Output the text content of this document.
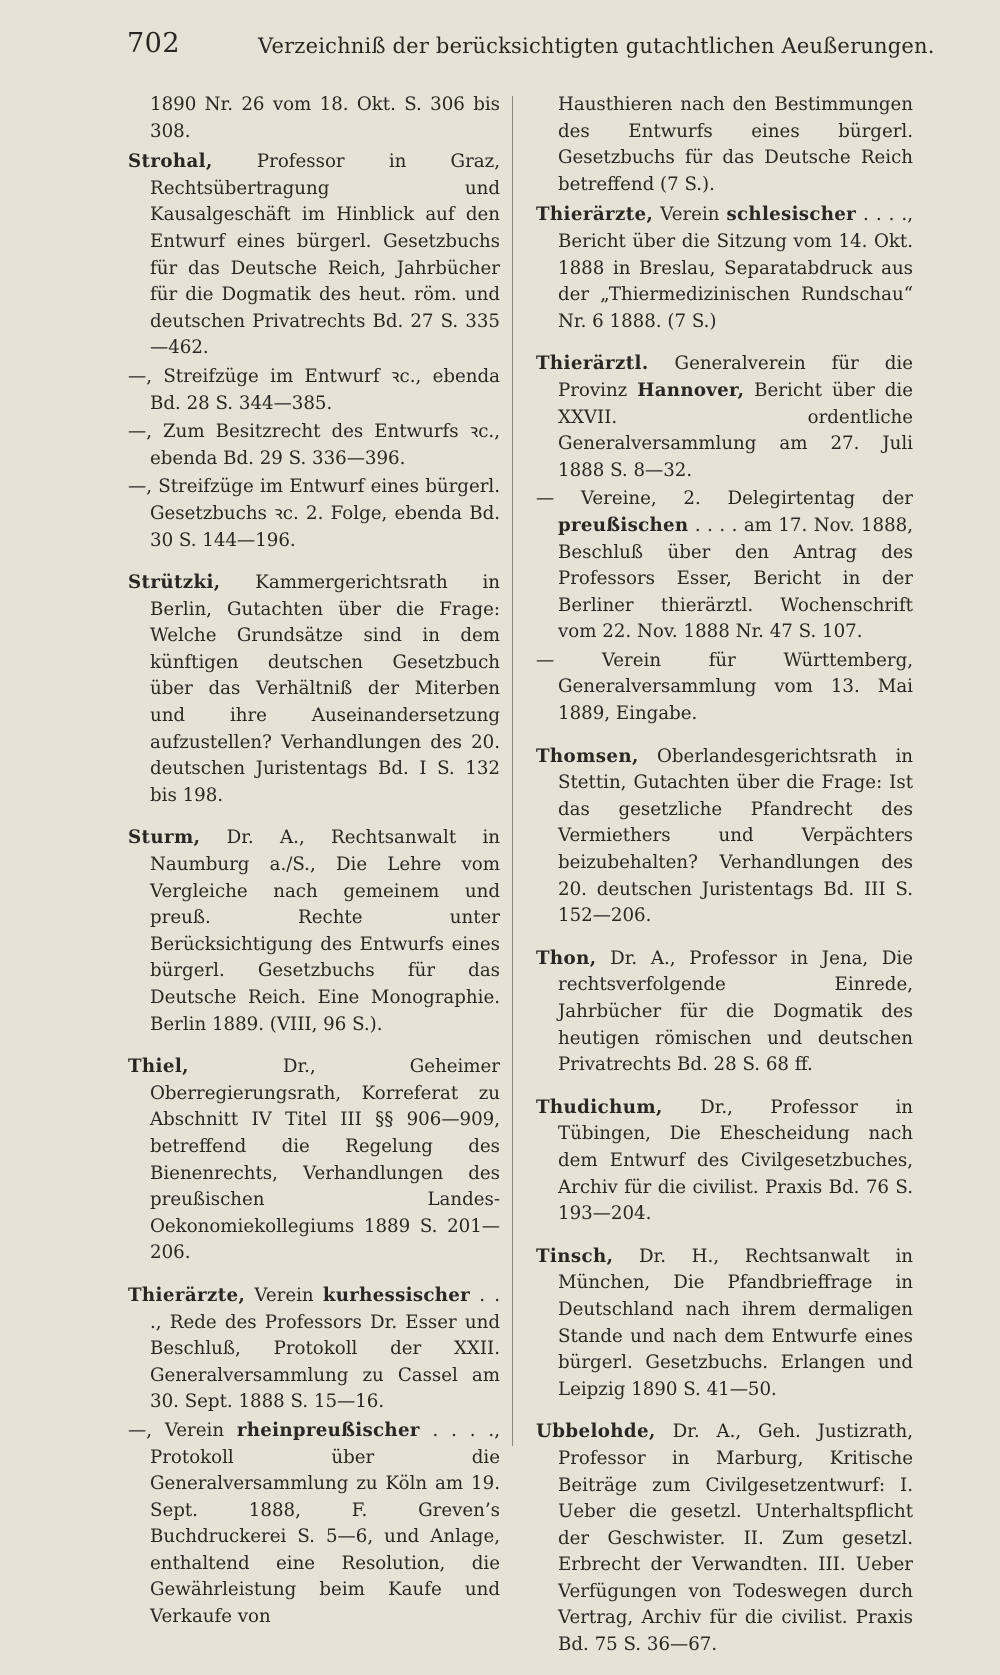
702	Verzeichniß der berücksichtigten gutachtlichen Aeußerungen.

1890 Nr. 26 vom 18. Okt. S. 306 bis 308.

Strohal, Professor in Graz, Rechtsübertragung und Kausalgeschäft im Hinblick auf den Entwurf eines bürgerl. Gesetzbuchs für das Deutsche Reich, Jahrbücher für die Dogmatik des heut. röm. und deutschen Privatrechts Bd. 27 S. 335—462.

—, Streifzüge im Entwurf ꝛc., ebenda Bd. 28 S. 344—385.

—, Zum Besitzrecht des Entwurfs ꝛc., ebenda Bd. 29 S. 336—396.

—, Streifzüge im Entwurf eines bürgerl. Gesetzbuchs ꝛc. 2. Folge, ebenda Bd. 30 S. 144—196.

Strützki, Kammergerichtsrath in Berlin, Gutachten über die Frage: Welche Grundsätze sind in dem künftigen deutschen Gesetzbuch über das Verhältniß der Miterben und ihre Auseinandersetzung aufzustellen? Verhandlungen des 20. deutschen Juristentags Bd. I S. 132 bis 198.

Sturm, Dr. A., Rechtsanwalt in Naumburg a./S., Die Lehre vom Vergleiche nach gemeinem und preuß. Rechte unter Berücksichtigung des Entwurfs eines bürgerl. Gesetzbuchs für das Deutsche Reich. Eine Monographie. Berlin 1889. (VIII, 96 S.).

Thiel, Dr., Geheimer Oberregierungsrath, Korreferat zu Abschnitt IV Titel III §§ 906—909, betreffend die Regelung des Bienenrechts, Verhandlungen des preußischen Landes-Oekonomiekollegiums 1889 S. 201—206.

Thierärzte, Verein kurhessischer . . ., Rede des Professors Dr. Esser und Beschluß, Protokoll der XXII. Generalversammlung zu Cassel am 30. Sept. 1888 S. 15—16.

—, Verein rheinpreußischer . . . ., Protokoll über die Generalversammlung zu Köln am 19. Sept. 1888, F. Greven’s Buchdruckerei S. 5—6, und Anlage, enthaltend eine Resolution, die Gewährleistung beim Kaufe und Verkaufe von

Hausthieren nach den Bestimmungen des Entwurfs eines bürgerl. Gesetzbuchs für das Deutsche Reich betreffend (7 S.).

Thierärzte, Verein schlesischer . . . ., Bericht über die Sitzung vom 14. Okt. 1888 in Breslau, Separatabdruck aus der „Thiermedizinischen Rundschau“ Nr. 6 1888. (7 S.)

Thierärztl. Generalverein für die Provinz Hannover, Bericht über die XXVII. ordentliche Generalversammlung am 27. Juli 1888 S. 8—32.

— Vereine, 2. Delegirtentag der preußischen . . . . am 17. Nov. 1888, Beschluß über den Antrag des Professors Esser, Bericht in der Berliner thierärztl. Wochenschrift vom 22. Nov. 1888 Nr. 47 S. 107.

— Verein für Württemberg, Generalversammlung vom 13. Mai 1889, Eingabe.

Thomsen, Oberlandesgerichtsrath in Stettin, Gutachten über die Frage: Ist das gesetzliche Pfandrecht des Vermiethers und Verpächters beizubehalten? Verhandlungen des 20. deutschen Juristentags Bd. III S. 152—206.

Thon, Dr. A., Professor in Jena, Die rechtsverfolgende Einrede, Jahrbücher für die Dogmatik des heutigen römischen und deutschen Privatrechts Bd. 28 S. 68 ff.

Thudichum, Dr., Professor in Tübingen, Die Ehescheidung nach dem Entwurf des Civilgesetzbuches, Archiv für die civilist. Praxis Bd. 76 S. 193—204.

Tinsch, Dr. H., Rechtsanwalt in München, Die Pfandbrieffrage in Deutschland nach ihrem dermaligen Stande und nach dem Entwurfe eines bürgerl. Gesetzbuchs. Erlangen und Leipzig 1890 S. 41—50.

Ubbelohde, Dr. A., Geh. Justizrath, Professor in Marburg, Kritische Beiträge zum Civilgesetzentwurf: I. Ueber die gesetzl. Unterhaltspflicht der Geschwister. II. Zum gesetzl. Erbrecht der Verwandten. III. Ueber Verfügungen von Todeswegen durch Vertrag, Archiv für die civilist. Praxis Bd. 75 S. 36—67.
